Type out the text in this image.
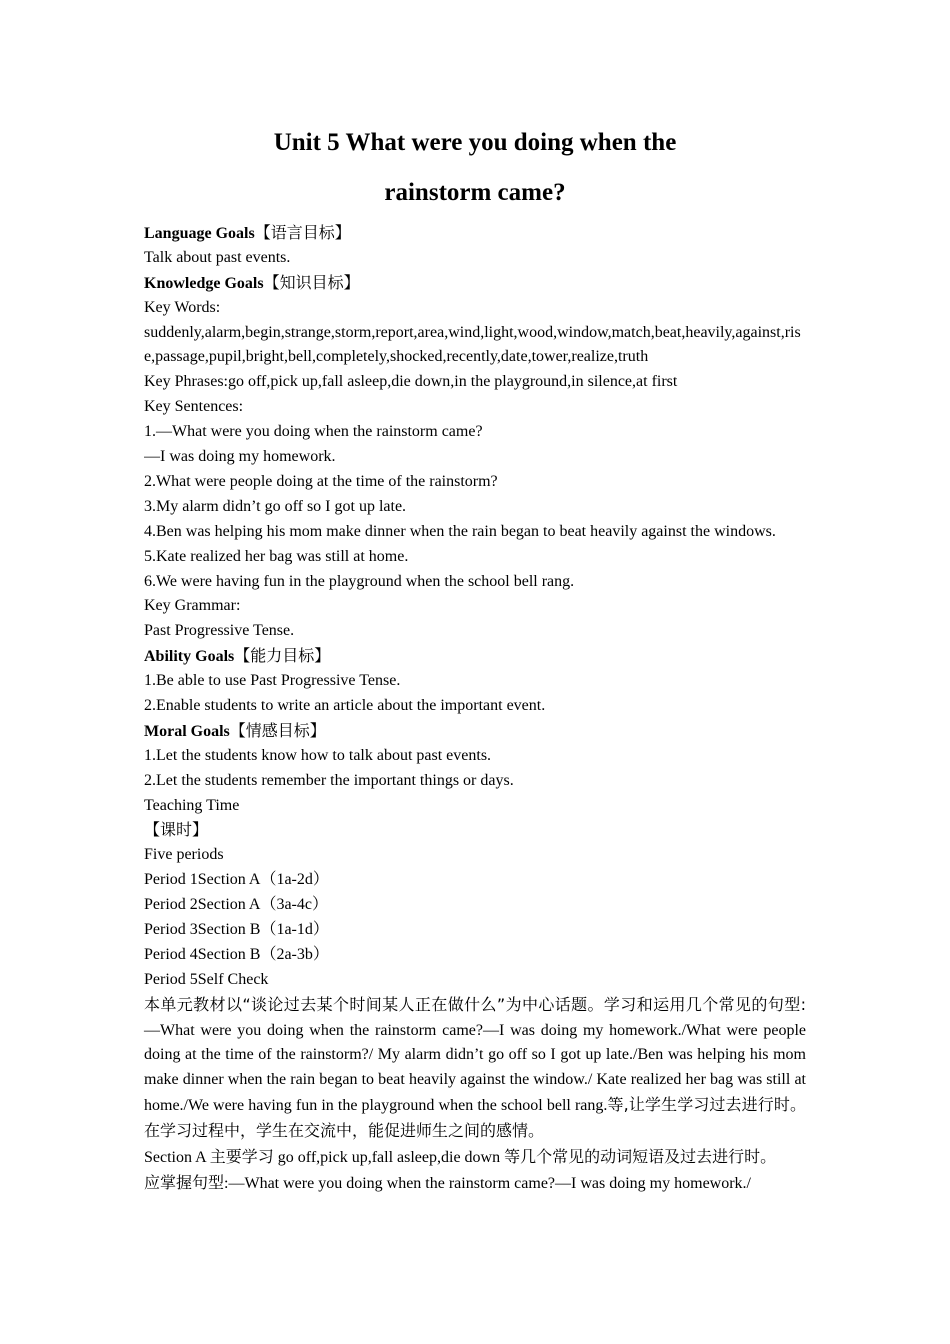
Unit 5 What were you doing when the
rainstorm came?
Language Goals【语言目标】
Talk about past events.
Knowledge Goals【知识目标】
Key Words:
suddenly,alarm,begin,strange,storm,report,area,wind,light,wood,window,match,beat,heavily,against,rise,passage,pupil,bright,bell,completely,shocked,recently,date,tower,realize,truth
Key Phrases:go off,pick up,fall asleep,die down,in the playground,in silence,at first
Key Sentences:
1.—What were you doing when the rainstorm came?
—I was doing my homework.
2.What were people doing at the time of the rainstorm?
3.My alarm didn’t go off so I got up late.
4.Ben was helping his mom make dinner when the rain began to beat heavily against the windows.
5.Kate realized her bag was still at home.
6.We were having fun in the playground when the school bell rang.
Key Grammar:
Past Progressive Tense.
Ability Goals【能力目标】
1.Be able to use Past Progressive Tense.
2.Enable students to write an article about the important event.
Moral Goals【情感目标】
1.Let the students know how to talk about past events.
2.Let the students remember the important things or days.
Teaching Time
【课时】
Five periods
Period 1Section A（1a-2d）
Period 2Section A（3a-4c）
Period 3Section B（1a-1d）
Period 4Section B（2a-3b）
Period 5Self Check
本单元教材以“谈论过去某个时间某人正在做什么”为中心话题。学习和运用几个常见的句型: —What were you doing when the rainstorm came?—I was doing my homework./What were people doing at the time of the rainstorm?/ My alarm didn’t go off so I got up late./Ben was helping his mom make dinner when the rain began to beat heavily against the window./ Kate realized her bag was still at home./We were having fun in the playground when the school bell rang.等,让学生学习过去进行时。在学习过程中，学生在交流中，能促进师生之间的感情。
Section A 主要学习 go off,pick up,fall asleep,die down 等几个常见的动词短语及过去进行时。
应掌握句型:—What were you doing when the rainstorm came?—I was doing my homework./
